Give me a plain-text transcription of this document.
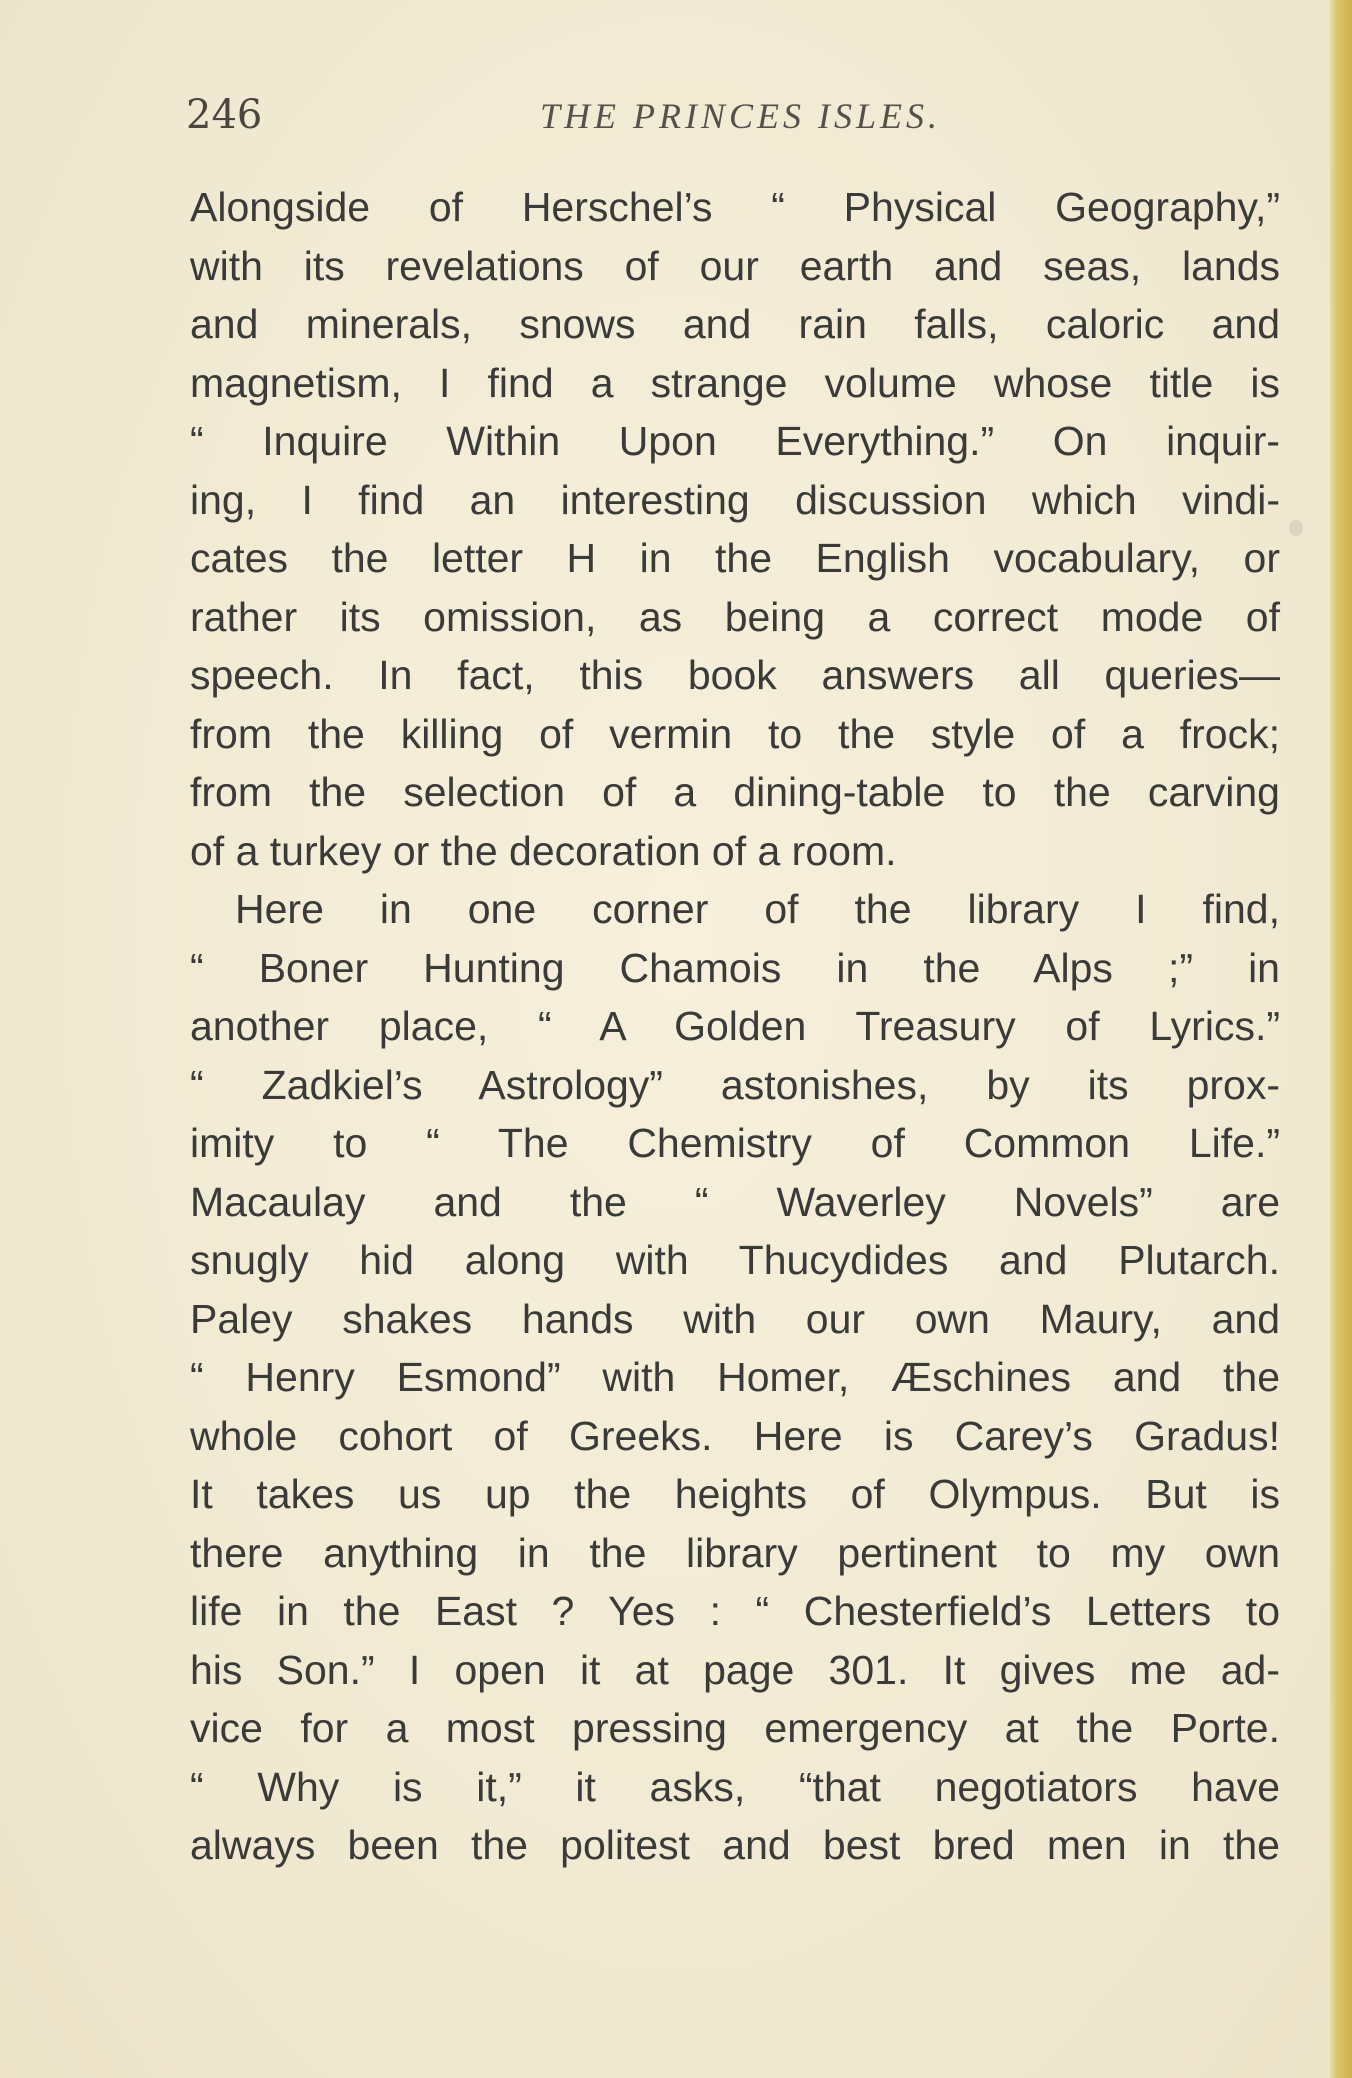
246	THE PRINCES ISLES.

Alongside of Herschel’s “ Physical Geography,”
with its revelations of our earth and seas, lands
and minerals, snows and rain falls, caloric and
magnetism, I find a strange volume whose title is
“ Inquire Within Upon Everything.” On inquir-
ing, I find an interesting discussion which vindi-
cates the letter H in the English vocabulary, or
rather its omission, as being a correct mode of
speech. In fact, this book answers all queries—
from the killing of vermin to the style of a frock;
from the selection of a dining-table to the carving
of a turkey or the decoration of a room.
Here in one corner of the library I find,
“ Boner Hunting Chamois in the Alps ;” in
another place, “ A Golden Treasury of Lyrics.”
“ Zadkiel’s Astrology” astonishes, by its prox-
imity to “ The Chemistry of Common Life.”
Macaulay and the “ Waverley Novels” are
snugly hid along with Thucydides and Plutarch.
Paley shakes hands with our own Maury, and
“ Henry Esmond” with Homer, Æschines and the
whole cohort of Greeks. Here is Carey’s Gradus!
It takes us up the heights of Olympus. But is
there anything in the library pertinent to my own
life in the East ? Yes : “ Chesterfield’s Letters to
his Son.” I open it at page 301. It gives me ad-
vice for a most pressing emergency at the Porte.
“ Why is it,” it asks, “that negotiators have
always been the politest and best bred men in the
